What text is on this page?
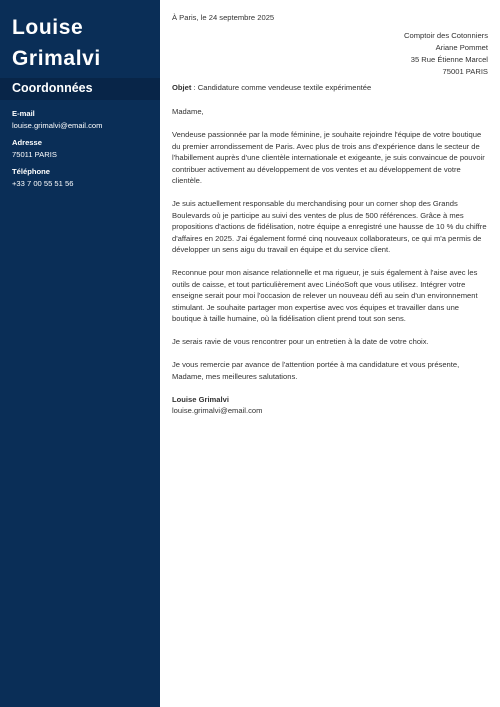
Louise
Grimalvi
Coordonnées
E-mail
louise.grimalvi@email.com
Adresse
75011 PARIS
Téléphone
+33 7 00 55 51 56
À Paris, le 24 septembre 2025
Comptoir des Cotonniers
Ariane Pommet
35 Rue Étienne Marcel
75001 PARIS
Objet : Candidature comme vendeuse textile expérimentée

Madame,

Vendeuse passionnée par la mode féminine, je souhaite rejoindre l'équipe de votre boutique du premier arrondissement de Paris. Avec plus de trois ans d'expérience dans le secteur de l'habillement auprès d'une clientèle internationale et exigeante, je suis convaincue de pouvoir contribuer activement au développement de vos ventes et au développement de votre clientèle.

Je suis actuellement responsable du merchandising pour un corner shop des Grands Boulevards où je participe au suivi des ventes de plus de 500 références. Grâce à mes propositions d'actions de fidélisation, notre équipe a enregistré une hausse de 10 % du chiffre d'affaires en 2025. J'ai également formé cinq nouveaux collaborateurs, ce qui m'a permis de développer un sens aigu du travail en équipe et du service client.

Reconnue pour mon aisance relationnelle et ma rigueur, je suis également à l'aise avec les outils de caisse, et tout particulièrement avec LinéoSoft que vous utilisez. Intégrer votre enseigne serait pour moi l'occasion de relever un nouveau défi au sein d'un environnement stimulant. Je souhaite partager mon expertise avec vos équipes et travailler dans une boutique à taille humaine, où la fidélisation client prend tout son sens.

Je serais ravie de vous rencontrer pour un entretien à la date de votre choix.

Je vous remercie par avance de l'attention portée à ma candidature et vous présente, Madame, mes meilleures salutations.

Louise Grimalvi
louise.grimalvi@email.com
